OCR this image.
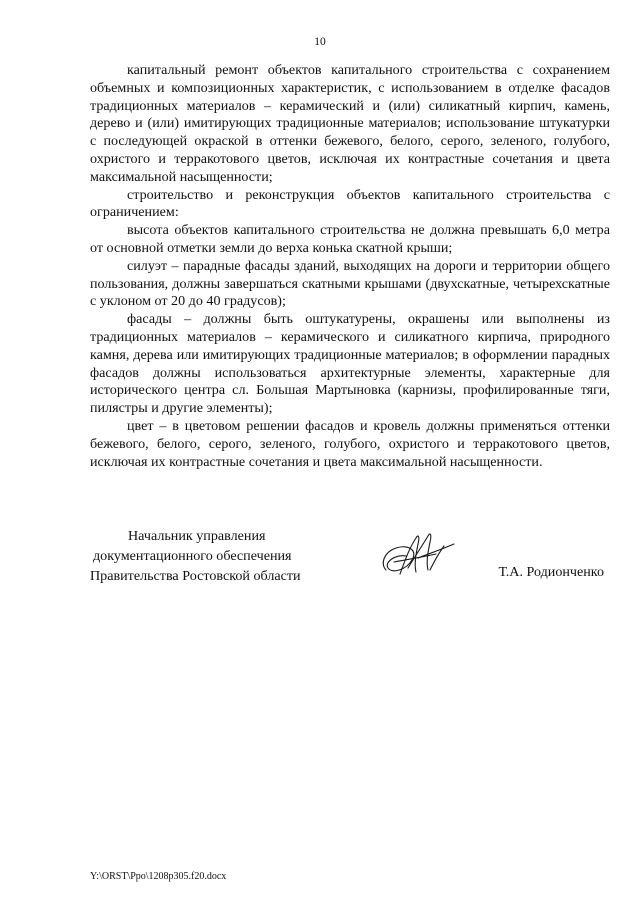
10

капитальный ремонт объектов капитального строительства с сохранением объемных и композиционных характеристик, с использованием в отделке фасадов традиционных материалов – керамический и (или) силикатный кирпич, камень, дерево и (или) имитирующих традиционные материалов; использование штукатурки с последующей окраской в оттенки бежевого, белого, серого, зеленого, голубого, охристого и терракотового цветов, исключая их контрастные сочетания и цвета максимальной насыщенности;

строительство и реконструкция объектов капитального строительства с ограничением:

высота объектов капитального строительства не должна превышать 6,0 метра от основной отметки земли до верха конька скатной крыши;

силуэт – парадные фасады зданий, выходящих на дороги и территории общего пользования, должны завершаться скатными крышами (двухскатные, четырехскатные с уклоном от 20 до 40 градусов);

фасады – должны быть оштукатурены, окрашены или выполнены из традиционных материалов – керамического и силикатного кирпича, природного камня, дерева или имитирующих традиционные материалов; в оформлении парадных фасадов должны использоваться архитектурные элементы, характерные для исторического центра сл. Большая Мартыновка (карнизы, профилированные тяги, пилястры и другие элементы);

цвет – в цветовом решении фасадов и кровель должны применяться оттенки бежевого, белого, серого, зеленого, голубого, охристого и терракотового цветов, исключая их контрастные сочетания и цвета максимальной насыщенности.

Начальник управления
документационного обеспечения
Правительства Ростовской области	Т.А. Родионченко
Y:\ORST\Ppo\1208p305.f20.docx
